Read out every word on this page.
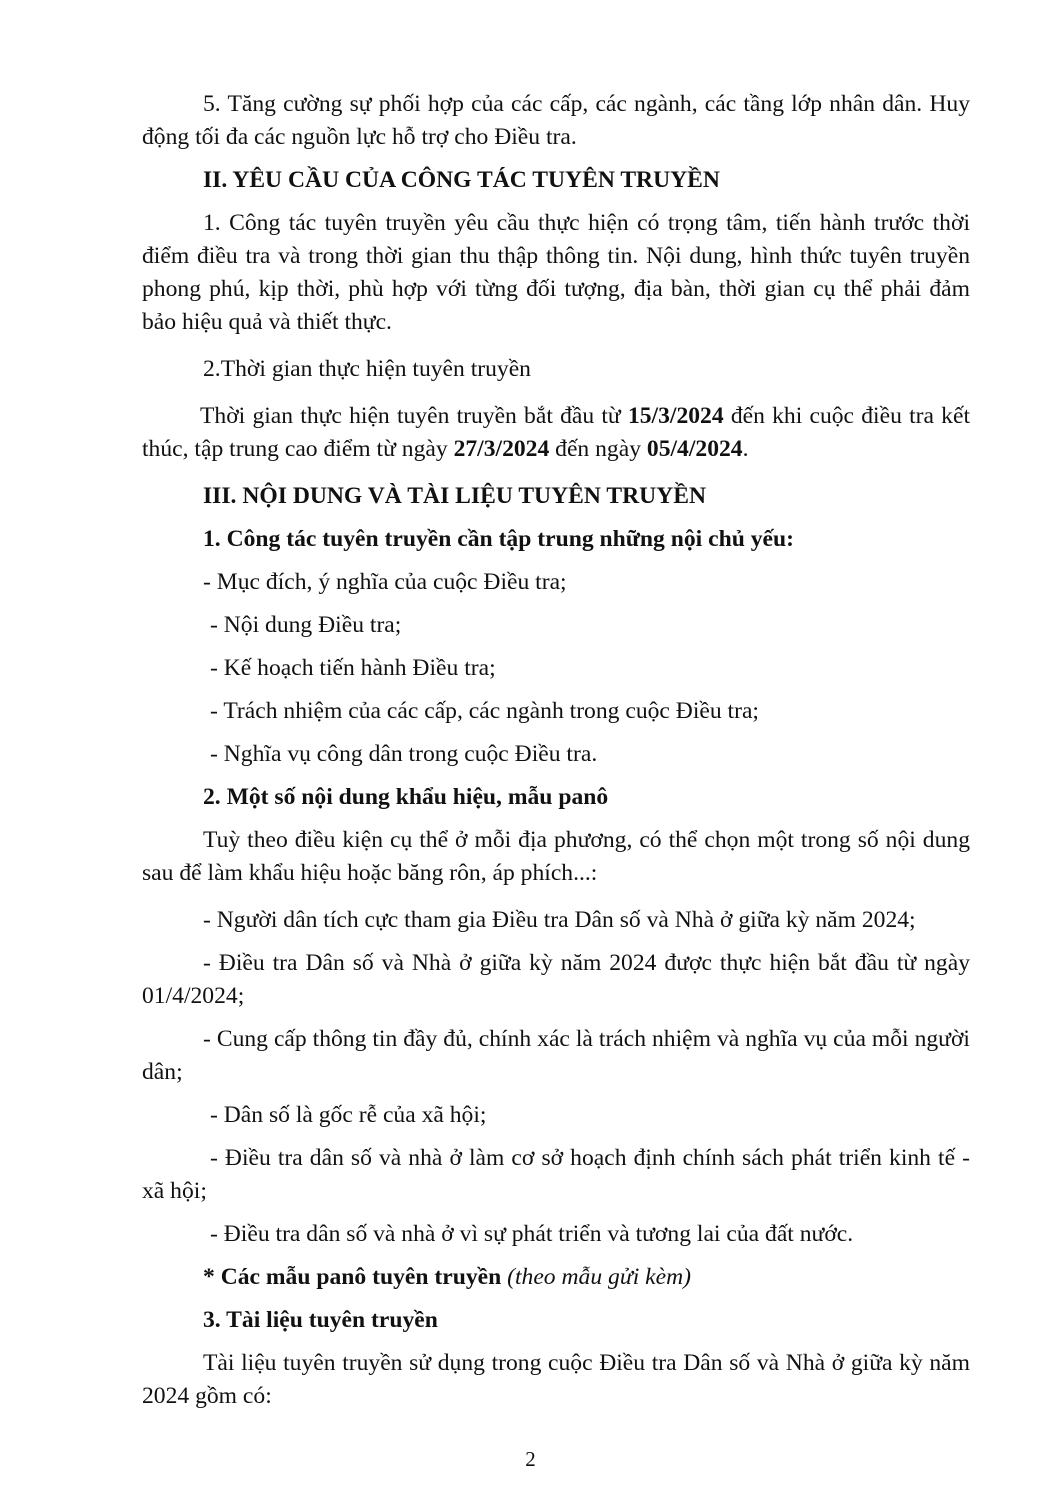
5. Tăng cường sự phối hợp của các cấp, các ngành, các tầng lớp nhân dân. Huy động tối đa các nguồn lực hỗ trợ cho Điều tra.

II. YÊU CẦU CỦA CÔNG TÁC TUYÊN TRUYỀN

1. Công tác tuyên truyền yêu cầu thực hiện có trọng tâm, tiến hành trước thời điểm điều tra và trong thời gian thu thập thông tin. Nội dung, hình thức tuyên truyền phong phú, kịp thời, phù hợp với từng đối tượng, địa bàn, thời gian cụ thể phải đảm bảo hiệu quả và thiết thực.

2.Thời gian thực hiện tuyên truyền

Thời gian thực hiện tuyên truyền bắt đầu từ 15/3/2024 đến khi cuộc điều tra kết thúc, tập trung cao điểm từ ngày 27/3/2024 đến ngày 05/4/2024.

III. NỘI DUNG VÀ TÀI LIỆU TUYÊN TRUYỀN

1. Công tác tuyên truyền cần tập trung những nội chủ yếu:

- Mục đích, ý nghĩa của cuộc Điều tra;

- Nội dung Điều tra;

- Kế hoạch tiến hành Điều tra;

- Trách nhiệm của các cấp, các ngành trong cuộc Điều tra;

- Nghĩa vụ công dân trong cuộc Điều tra.

2. Một số nội dung khẩu hiệu, mẫu panô

Tuỳ theo điều kiện cụ thể ở mỗi địa phương, có thể chọn một trong số nội dung sau để làm khẩu hiệu hoặc băng rôn, áp phích...:

- Người dân tích cực tham gia Điều tra Dân số và Nhà ở giữa kỳ năm 2024;

- Điều tra Dân số và Nhà ở giữa kỳ năm 2024 được thực hiện bắt đầu từ ngày 01/4/2024;

- Cung cấp thông tin đầy đủ, chính xác là trách nhiệm và nghĩa vụ của mỗi người dân;

- Dân số là gốc rễ của xã hội;

- Điều tra dân số và nhà ở làm cơ sở hoạch định chính sách phát triển kinh tế - xã hội;

- Điều tra dân số và nhà ở vì sự phát triển và tương lai của đất nước.

* Các mẫu panô tuyên truyền (theo mẫu gửi kèm)

3. Tài liệu tuyên truyền

Tài liệu tuyên truyền sử dụng trong cuộc Điều tra Dân số và Nhà ở giữa kỳ năm 2024 gồm có:

2
